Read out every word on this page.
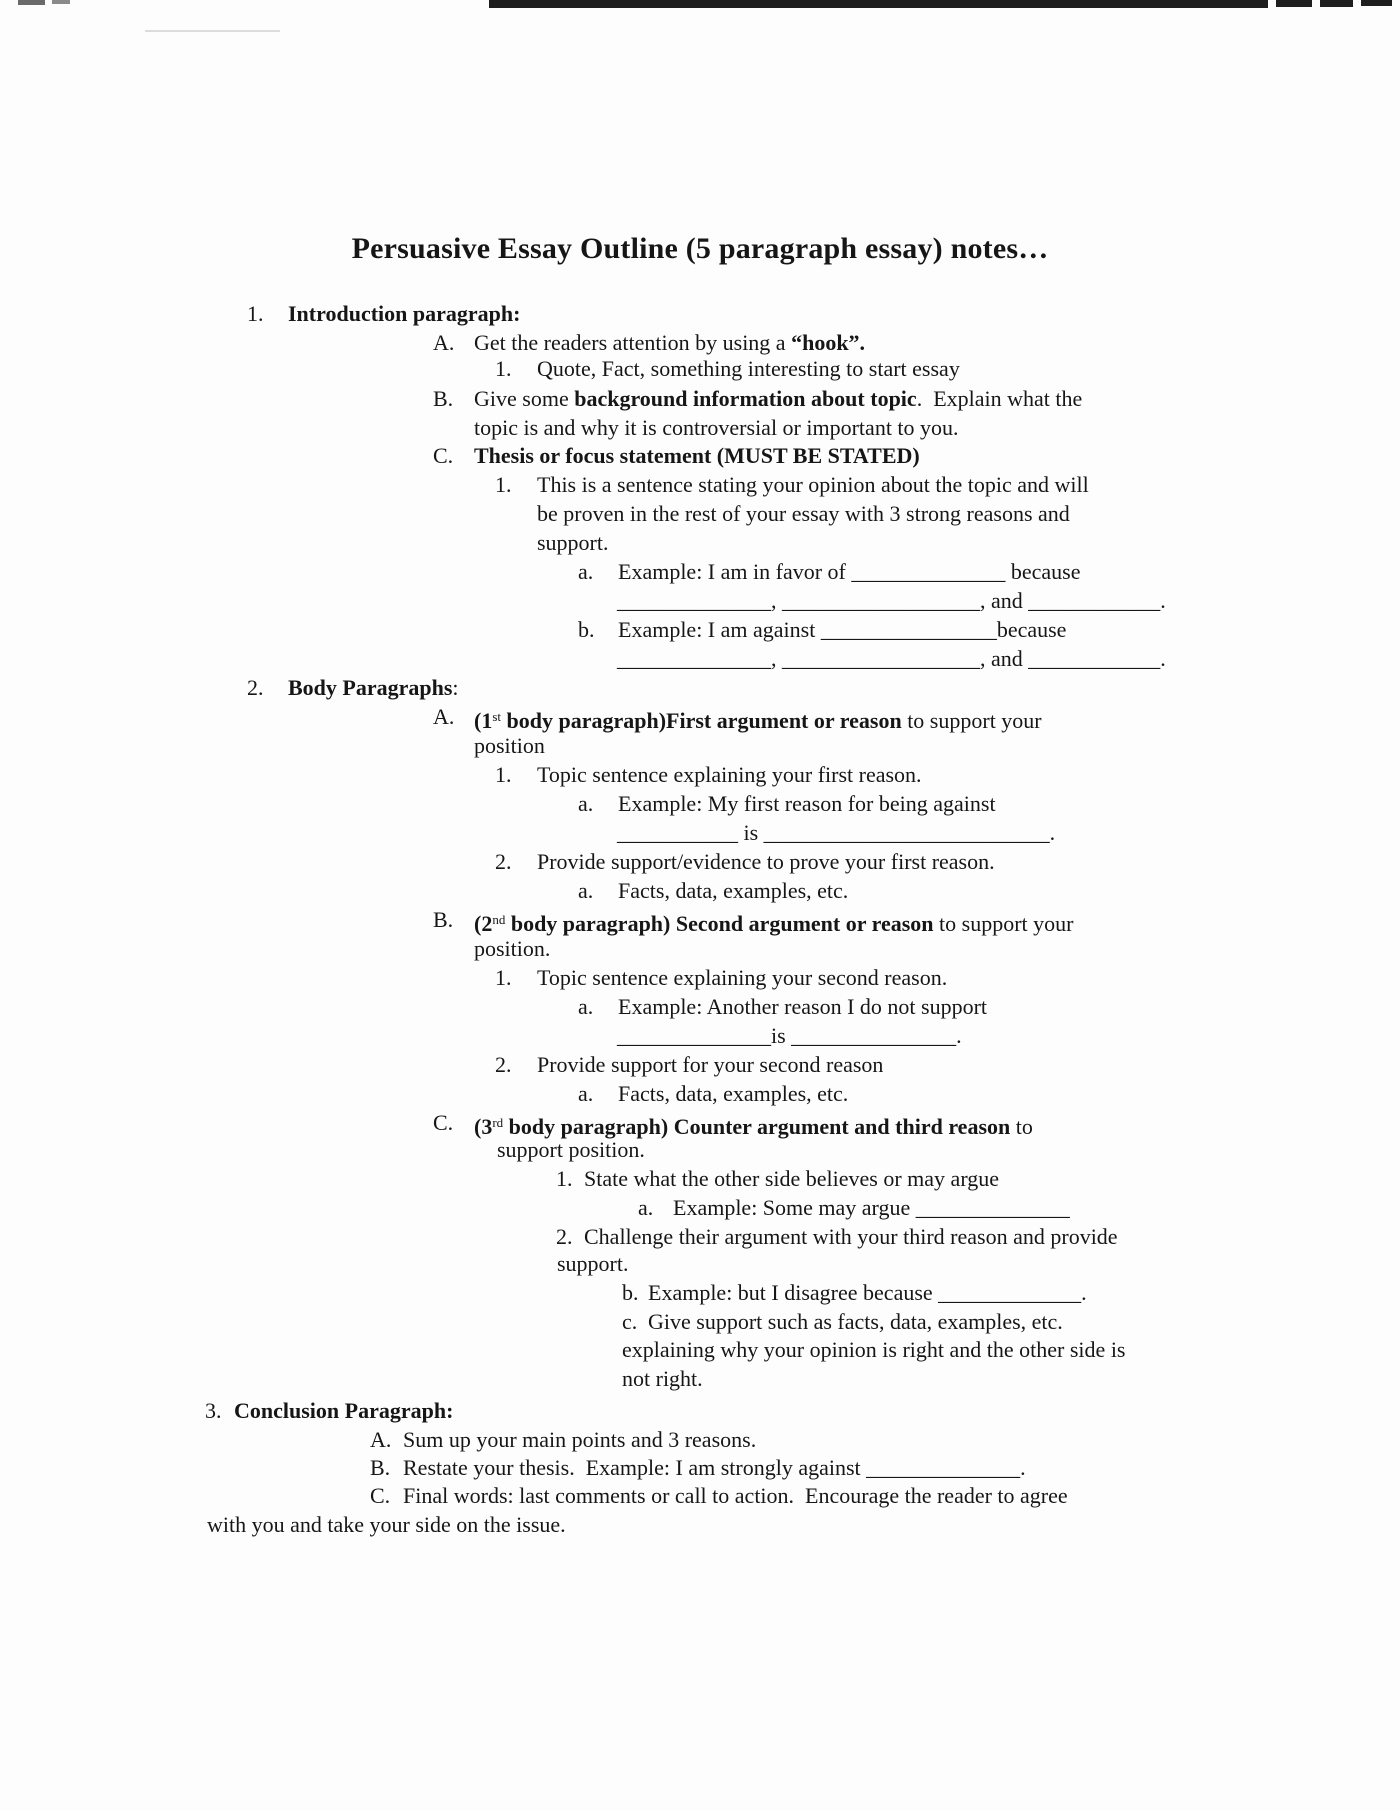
Persuasive Essay Outline (5 paragraph essay) notes…
1. Introduction paragraph:
A. Get the readers attention by using a “hook”.
1. Quote, Fact, something interesting to start essay
B. Give some background information about topic.  Explain what the
topic is and why it is controversial or important to you.
C. Thesis or focus statement (MUST BE STATED)
1. This is a sentence stating your opinion about the topic and will
be proven in the rest of your essay with 3 strong reasons and
support.
a. Example: I am in favor of ______________ because
______________, __________________, and ____________.
b. Example: I am against ________________because
______________, __________________, and ____________.
2. Body Paragraphs:
A. (1st body paragraph)First argument or reason to support your
position
1. Topic sentence explaining your first reason.
a. Example: My first reason for being against
___________ is __________________________.
2. Provide support/evidence to prove your first reason.
a. Facts, data, examples, etc.
B. (2nd body paragraph) Second argument or reason to support your
position.
1. Topic sentence explaining your second reason.
a. Example: Another reason I do not support
______________is _______________.
2. Provide support for your second reason
a. Facts, data, examples, etc.
C. (3rd body paragraph) Counter argument and third reason to
support position.
1. State what the other side believes or may argue
a. Example: Some may argue ______________
2. Challenge their argument with your third reason and provide
support.
b. Example: but I disagree because _____________.
c. Give support such as facts, data, examples, etc.
explaining why your opinion is right and the other side is
not right.
3. Conclusion Paragraph:
A. Sum up your main points and 3 reasons.
B. Restate your thesis.  Example: I am strongly against ______________.
C. Final words: last comments or call to action.  Encourage the reader to agree
with you and take your side on the issue.
